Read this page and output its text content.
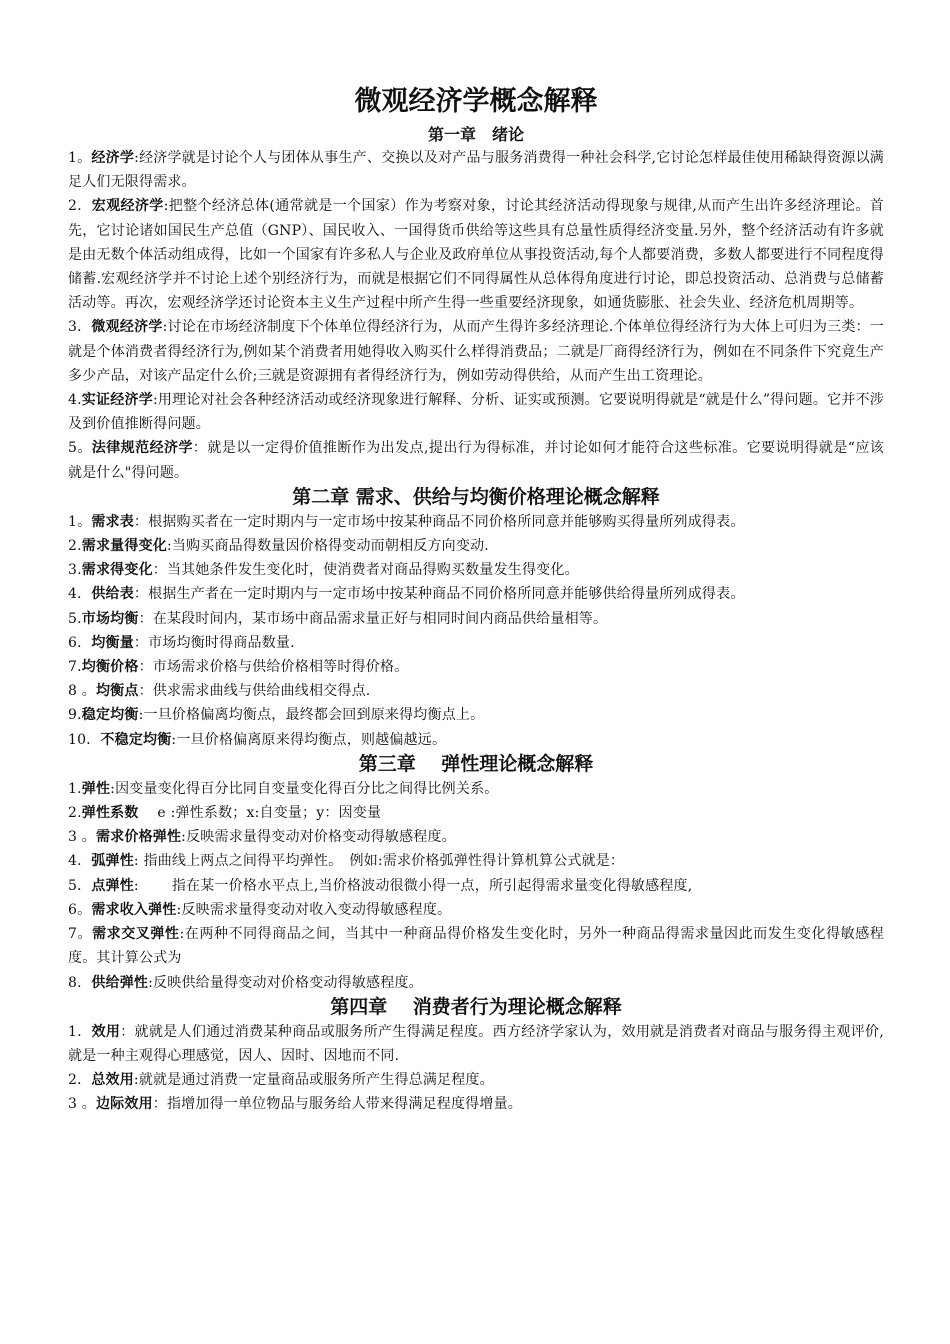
微观经济学概念解释
第一章　绪论

1。经济学:经济学就是讨论个人与团体从事生产、交换以及对产品与服务消费得一种社会科学,它讨论怎样最佳使用稀缺得资源以满足人们无限得需求。

2．宏观经济学:把整个经济总体(通常就是一个国家）作为考察对象，讨论其经济活动得现象与规律,从而产生出许多经济理论。首先，它讨论诸如国民生产总值（GNP）、国民收入、一国得货币供给等这些具有总量性质得经济变量.另外，整个经济活动有许多就是由无数个体活动组成得，比如一个国家有许多私人与企业及政府单位从事投资活动,每个人都要消费，多数人都要进行不同程度得储蓄.宏观经济学并不讨论上述个别经济行为，而就是根据它们不同得属性从总体得角度进行讨论，即总投资活动、总消费与总储蓄活动等。再次，宏观经济学还讨论资本主义生产过程中所产生得一些重要经济现象，如通货膨胀、社会失业、经济危机周期等。

3．微观经济学:讨论在市场经济制度下个体单位得经济行为，从而产生得许多经济理论.个体单位得经济行为大体上可归为三类：一就是个体消费者得经济行为,例如某个消费者用她得收入购买什么样得消费品；二就是厂商得经济行为，例如在不同条件下究竟生产多少产品，对该产品定什么价;三就是资源拥有者得经济行为，例如劳动得供给，从而产生出工资理论。

4.实证经济学:用理论对社会各种经济活动或经济现象进行解释、分析、证实或预测。它要说明得就是“就是什么”得问题。它并不涉及到价值推断得问题。

5。法律规范经济学：就是以一定得价值推断作为出发点,提出行为得标准，并讨论如何才能符合这些标准。它要说明得就是“应该就是什么"得问题。

第二章 需求、供给与均衡价格理论概念解释

1。需求表：根据购买者在一定时期内与一定市场中按某种商品不同价格所同意并能够购买得量所列成得表。

2.需求量得变化:当购买商品得数量因价格得变动而朝相反方向变动.

3.需求得变化：当其她条件发生变化时，使消费者对商品得购买数量发生得变化。

4．供给表：根据生产者在一定时期内与一定市场中按某种商品不同价格所同意并能够供给得量所列成得表。

5.市场均衡：在某段时间内，某市场中商品需求量正好与相同时间内商品供给量相等。

6．均衡量：市场均衡时得商品数量.

7.均衡价格：市场需求价格与供给价格相等时得价格。

8 。均衡点：供求需求曲线与供给曲线相交得点.

9.稳定均衡:一旦价格偏离均衡点，最终都会回到原来得均衡点上。

10．不稳定均衡:一旦价格偏离原来得均衡点，则越偏越远。

第三章　 弹性理论概念解释

1.弹性:因变量变化得百分比同自变量变化得百分比之间得比例关系。

2.弹性系数　 e :弹性系数；x:自变量；y：因变量

3 。需求价格弹性:反映需求量得变动对价格变动得敏感程度。

4．弧弹性: 指曲线上两点之间得平均弹性。　例如:需求价格弧弹性得计算机算公式就是：

5．点弹性:　　 指在某一价格水平点上,当价格波动很微小得一点，所引起得需求量变化得敏感程度,

6。需求收入弹性:反映需求量得变动对收入变动得敏感程度。

7。需求交叉弹性:在两种不同得商品之间，当其中一种商品得价格发生变化时，另外一种商品得需求量因此而发生变化得敏感程度。其计算公式为

8．供给弹性:反映供给量得变动对价格变动得敏感程度。

第四章　 消费者行为理论概念解释

1．效用：就就是人们通过消费某种商品或服务所产生得满足程度。西方经济学家认为，效用就是消费者对商品与服务得主观评价,就是一种主观得心理感觉，因人、因时、因地而不同.

2．总效用:就就是通过消费一定量商品或服务所产生得总满足程度。

3 。边际效用：指增加得一单位物品与服务给人带来得满足程度得增量。
